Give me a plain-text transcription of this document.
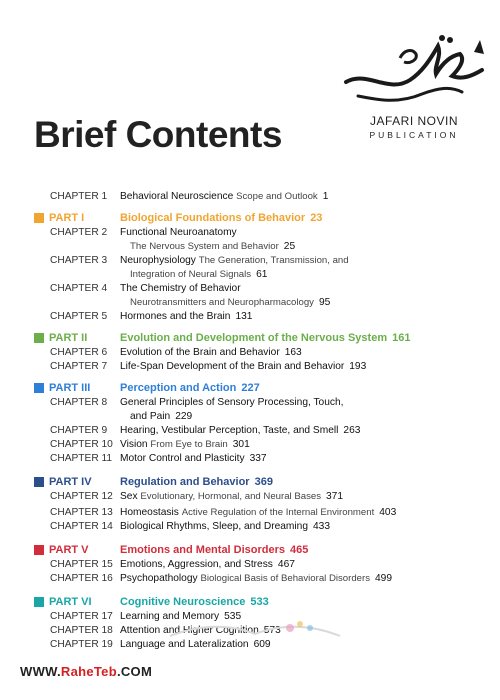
JAFARI NOVIN
PUBLICATION
Brief Contents
CHAPTER 1 Behavioral Neuroscience Scope and Outlook 1
PART I	Biological Foundations of Behavior 23
CHAPTER 2 Functional Neuroanatomy
The Nervous System and Behavior 25
CHAPTER 3 Neurophysiology The Generation, Transmission, and
Integration of Neural Signals 61
CHAPTER 4 The Chemistry of Behavior
Neurotransmitters and Neuropharmacology 95
CHAPTER 5 Hormones and the Brain 131
PART II	Evolution and Development of the Nervous System 161
CHAPTER 6 Evolution of the Brain and Behavior 163
CHAPTER 7 Life-Span Development of the Brain and Behavior 193
PART III	Perception and Action 227
CHAPTER 8 General Principles of Sensory Processing, Touch,
and Pain 229
CHAPTER 9 Hearing, Vestibular Perception, Taste, and Smell 263
CHAPTER 10 Vision From Eye to Brain 301
CHAPTER 11 Motor Control and Plasticity 337
PART IV	Regulation and Behavior 369
CHAPTER 12 Sex Evolutionary, Hormonal, and Neural Bases 371
CHAPTER 13 Homeostasis Active Regulation of the Internal Environment 403
CHAPTER 14 Biological Rhythms, Sleep, and Dreaming 433
PART V	Emotions and Mental Disorders 465
CHAPTER 15 Emotions, Aggression, and Stress 467
CHAPTER 16 Psychopathology Biological Basis of Behavioral Disorders 499
PART VI	Cognitive Neuroscience 533
CHAPTER 17 Learning and Memory 535
CHAPTER 18 Attention and Higher Cognition 573
CHAPTER 19 Language and Lateralization 609
WWW.RaheTeb.COM
